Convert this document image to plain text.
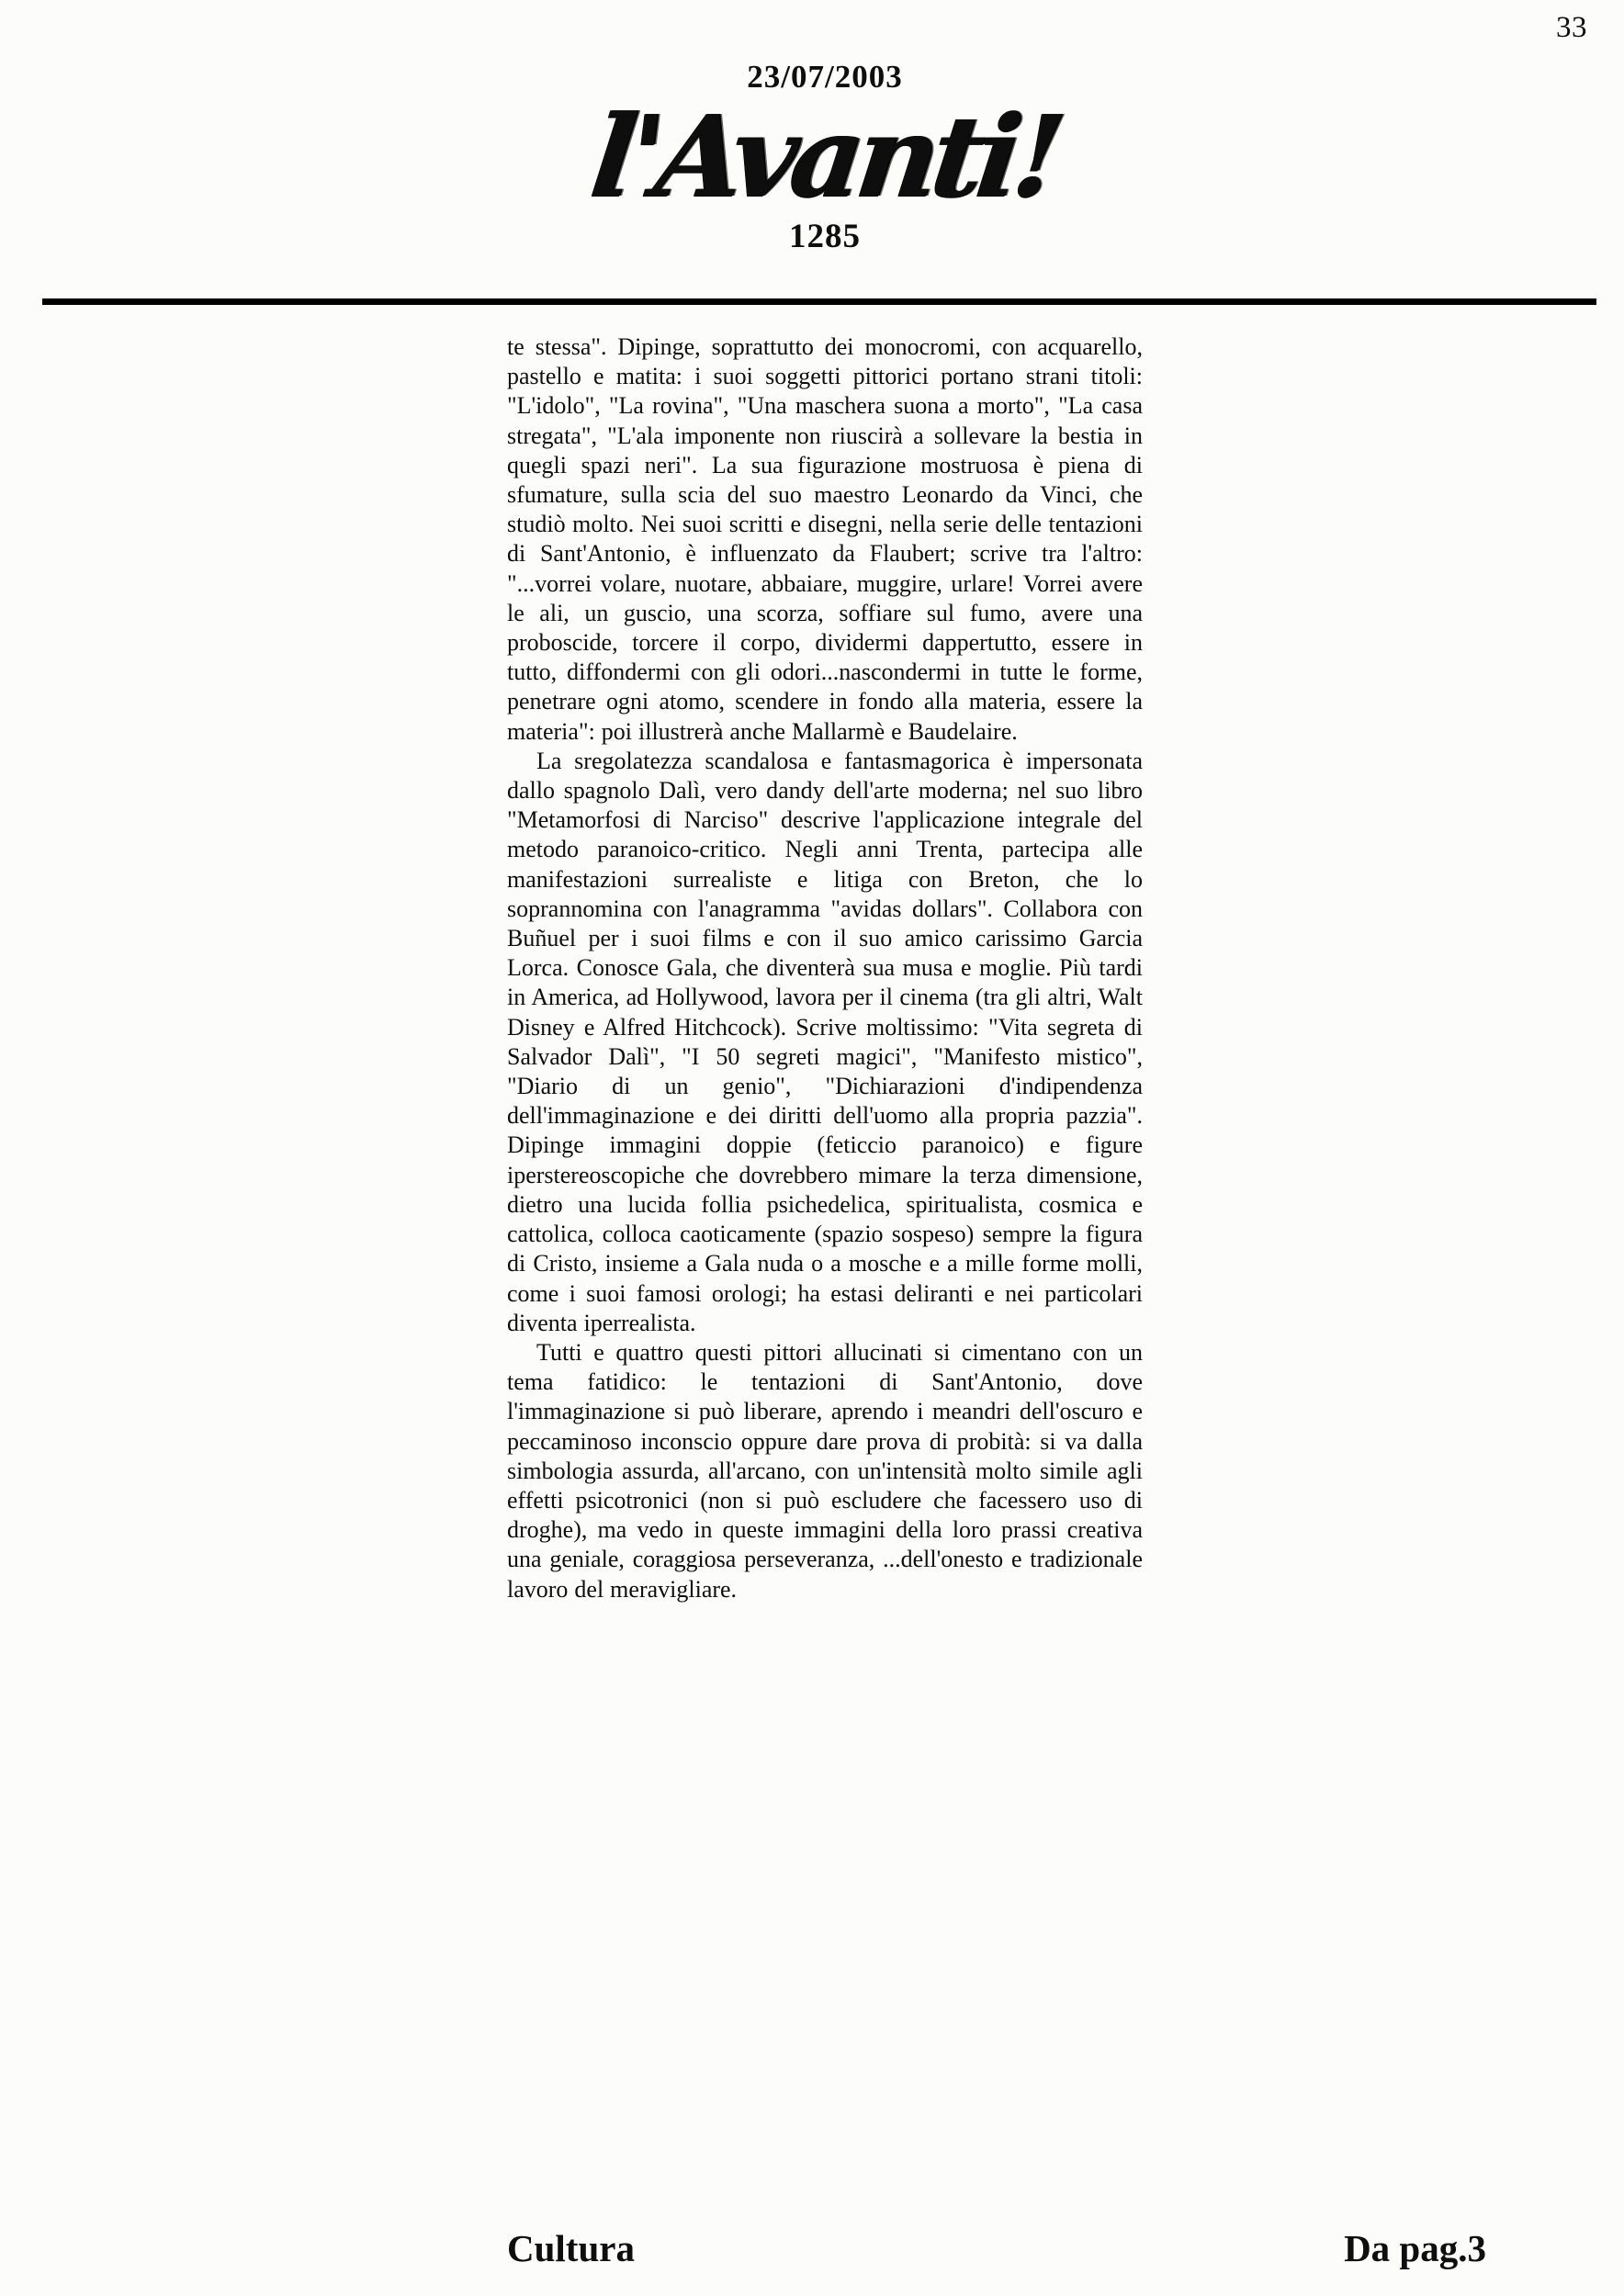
33
23/07/2003
l'Avanti!
1285

te stessa". Dipinge, soprattutto dei monocromi, con acquarello, pastello e matita: i suoi soggetti pittorici portano strani titoli: "L'idolo", "La rovina", "Una maschera suona a morto", "La casa stregata", "L'ala imponente non riuscirà a sollevare la bestia in quegli spazi neri". La sua figurazione mostruosa è piena di sfumature, sulla scia del suo maestro Leonardo da Vinci, che studiò molto. Nei suoi scritti e disegni, nella serie delle tentazioni di Sant'Antonio, è influenzato da Flaubert; scrive tra l'altro: "...vorrei volare, nuotare, abbaiare, muggire, urlare! Vorrei avere le ali, un guscio, una scorza, soffiare sul fumo, avere una proboscide, torcere il corpo, dividermi dappertutto, essere in tutto, diffondermi con gli odori...nascondermi in tutte le forme, penetrare ogni atomo, scendere in fondo alla materia, essere la materia": poi illustrerà anche Mallarmè e Baudelaire.

La sregolatezza scandalosa e fantasmagorica è impersonata dallo spagnolo Dalì, vero dandy dell'arte moderna; nel suo libro "Metamorfosi di Narciso" descrive l'applicazione integrale del metodo paranoico-critico. Negli anni Trenta, partecipa alle manifestazioni surrealiste e litiga con Breton, che lo soprannomina con l'anagramma "avidas dollars". Collabora con Buñuel per i suoi films e con il suo amico carissimo Garcia Lorca. Conosce Gala, che diventerà sua musa e moglie. Più tardi in America, ad Hollywood, lavora per il cinema (tra gli altri, Walt Disney e Alfred Hitchcock). Scrive moltissimo: "Vita segreta di Salvador Dalì", "I 50 segreti magici", "Manifesto mistico", "Diario di un genio", "Dichiarazioni d'indipendenza dell'immaginazione e dei diritti dell'uomo alla propria pazzia". Dipinge immagini doppie (feticcio paranoico) e figure iperstereoscopiche che dovrebbero mimare la terza dimensione, dietro una lucida follia psichedelica, spiritualista, cosmica e cattolica, colloca caoticamente (spazio sospeso) sempre la figura di Cristo, insieme a Gala nuda o a mosche e a mille forme molli, come i suoi famosi orologi; ha estasi deliranti e nei particolari diventa iperrealista.

Tutti e quattro questi pittori allucinati si cimentano con un tema fatidico: le tentazioni di Sant'Antonio, dove l'immaginazione si può liberare, aprendo i meandri dell'oscuro e peccaminoso inconscio oppure dare prova di probità: si va dalla simbologia assurda, all'arcano, con un'intensità molto simile agli effetti psicotronici (non si può escludere che facessero uso di droghe), ma vedo in queste immagini della loro prassi creativa una geniale, coraggiosa perseveranza, ...dell'onesto e tradizionale lavoro del meravigliare.

Cultura	Da pag.3
